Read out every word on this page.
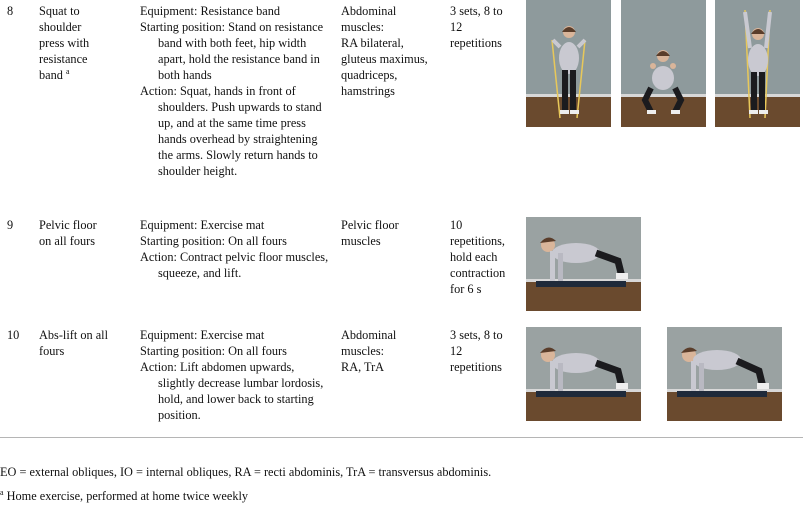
8 Squat to
shoulder
press with
resistance
band $^a$
Equipment: Resistance band
Starting position: Stand on resistance band with both feet, hip width apart, hold the resistance band in both hands
Action: Squat, hands in front of shoulders. Push upwards to stand up, and at the same time press hands overhead by straightening the arms. Slowly return hands to shoulder height.
Abdominal
muscles:
RA bilateral,
gluteus maximus,
quadriceps,
hamstrings
3 sets, 8 to
12
repetitions
9 Pelvic floor
on all fours
Equipment: Exercise mat
Starting position: On all fours
Action: Contract pelvic floor muscles, squeeze, and lift.
Pelvic floor
muscles
10
repetitions,
hold each
contraction
for 6 s
10 Abs-lift on all
fours
Equipment: Exercise mat
Starting position: On all fours
Action: Lift abdomen upwards, slightly decrease lumbar lordosis, hold, and lower back to starting position.
Abdominal
muscles:
RA, TrA
3 sets, 8 to
12
repetitions
EO = external obliques, IO = internal obliques, RA = recti abdominis, TrA = transversus abdominis.
$^a$ Home exercise, performed at home twice weekly
